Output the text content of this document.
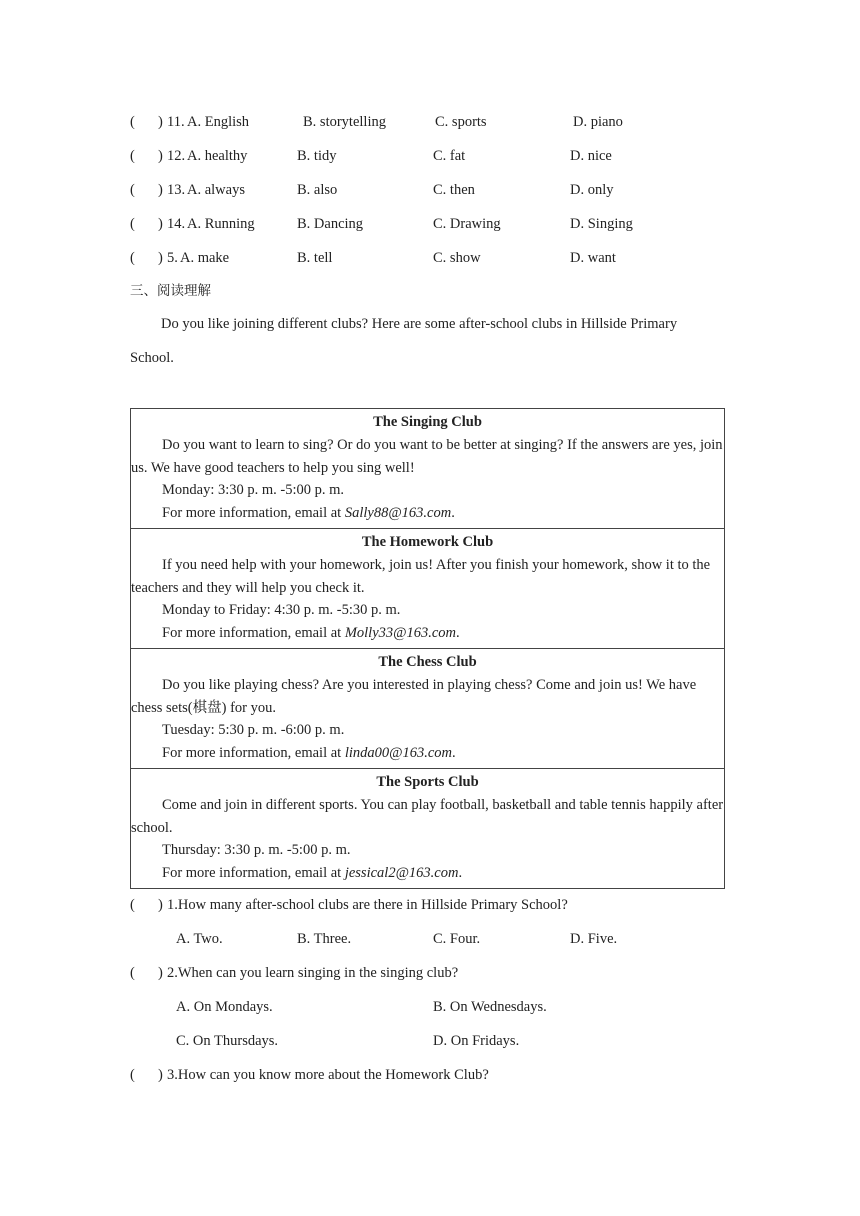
( ) 11. A. English	B. storytelling	C. sports	D. piano
( ) 12. A. healthy	B. tidy	C. fat	D. nice
( ) 13. A. always	B. also	C. then	D. only
( ) 14. A. Running	B. Dancing	C. Drawing	D. Singing
( ) 5. A. make	B. tell	C. show	D. want
三、阅读理解

Do you like joining different clubs? Here are some after-school clubs in Hillside Primary School.

The Singing Club
Do you want to learn to sing? Or do you want to be better at singing? If the answers are yes, join us. We have good teachers to help you sing well!
Monday: 3:30 p. m. -5:00 p. m.
For more information, email at Sally88@163.com.

The Homework Club
If you need help with your homework, join us! After you finish your homework, show it to the teachers and they will help you check it.
Monday to Friday: 4:30 p. m. -5:30 p. m.
For more information, email at Molly33@163.com.

The Chess Club
Do you like playing chess? Are you interested in playing chess? Come and join us! We have chess sets(棋盘) for you.
Tuesday: 5:30 p. m. -6:00 p. m.
For more information, email at linda00@163.com.

The Sports Club
Come and join in different sports. You can play football, basketball and table tennis happily after school.
Thursday: 3:30 p. m. -5:00 p. m.
For more information, email at jessical2@163.com.
( ) 1.How many after-school clubs are there in Hillside Primary School?
A. Two.	B. Three.	C. Four.	D. Five.
( ) 2.When can you learn singing in the singing club?
A. On Mondays.	B. On Wednesdays.
C. On Thursdays.	D. On Fridays.
( ) 3.How can you know more about the Homework Club?
